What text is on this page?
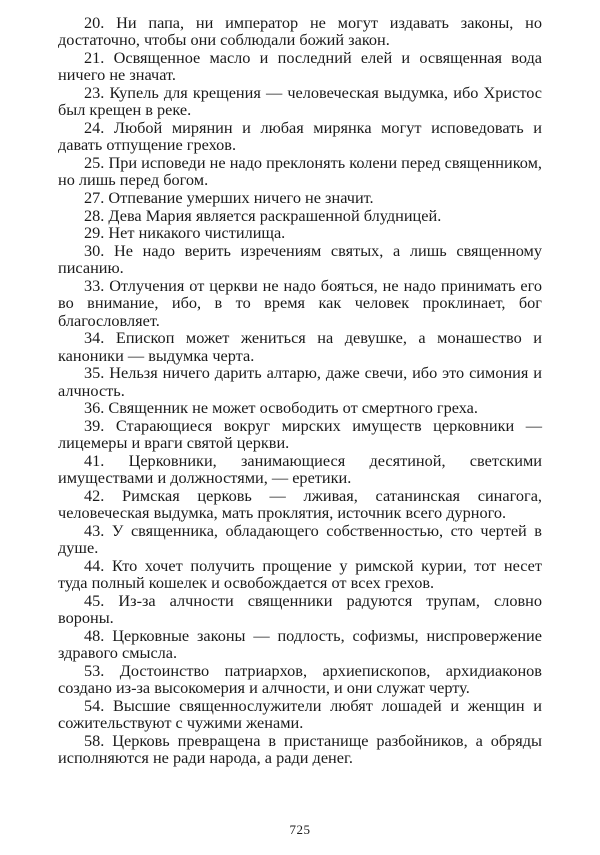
20. Ни папа, ни император не могут издавать законы, но достаточно, чтобы они соблюдали божий закон.

21. Освященное масло и последний елей и освященная вода ничего не значат.

23. Купель для крещения — человеческая выдумка, ибо Христос был крещен в реке.

24. Любой мирянин и любая мирянка могут исповедовать и давать отпущение грехов.

25. При исповеди не надо преклонять колени перед священником, но лишь перед богом.

27. Отпевание умерших ничего не значит.

28. Дева Мария является раскрашенной блудницей.

29. Нет никакого чистилища.

30. Не надо верить изречениям святых, а лишь священному писанию.

33. Отлучения от церкви не надо бояться, не надо принимать его во внимание, ибо, в то время как человек проклинает, бог благословляет.

34. Епископ может жениться на девушке, а монашество и каноники — выдумка черта.

35. Нельзя ничего дарить алтарю, даже свечи, ибо это симония и алчность.

36. Священник не может освободить от смертного греха.

39. Старающиеся вокруг мирских имуществ церковники — лицемеры и враги святой церкви.

41. Церковники, занимающиеся десятиной, светскими имуществами и должностями, — еретики.

42. Римская церковь — лживая, сатанинская синагога, человеческая выдумка, мать проклятия, источник всего дурного.

43. У священника, обладающего собственностью, сто чертей в душе.

44. Кто хочет получить прощение у римской курии, тот несет туда полный кошелек и освобождается от всех грехов.

45. Из-за алчности священники радуются трупам, словно вороны.

48. Церковные законы — подлость, софизмы, ниспровержение здравого смысла.

53. Достоинство патриархов, архиепископов, архидиаконов создано из-за высокомерия и алчности, и они служат черту.

54. Высшие священнослужители любят лошадей и женщин и сожительствуют с чужими женами.

58. Церковь превращена в пристанище разбойников, а обряды исполняются не ради народа, а ради денег.

725
